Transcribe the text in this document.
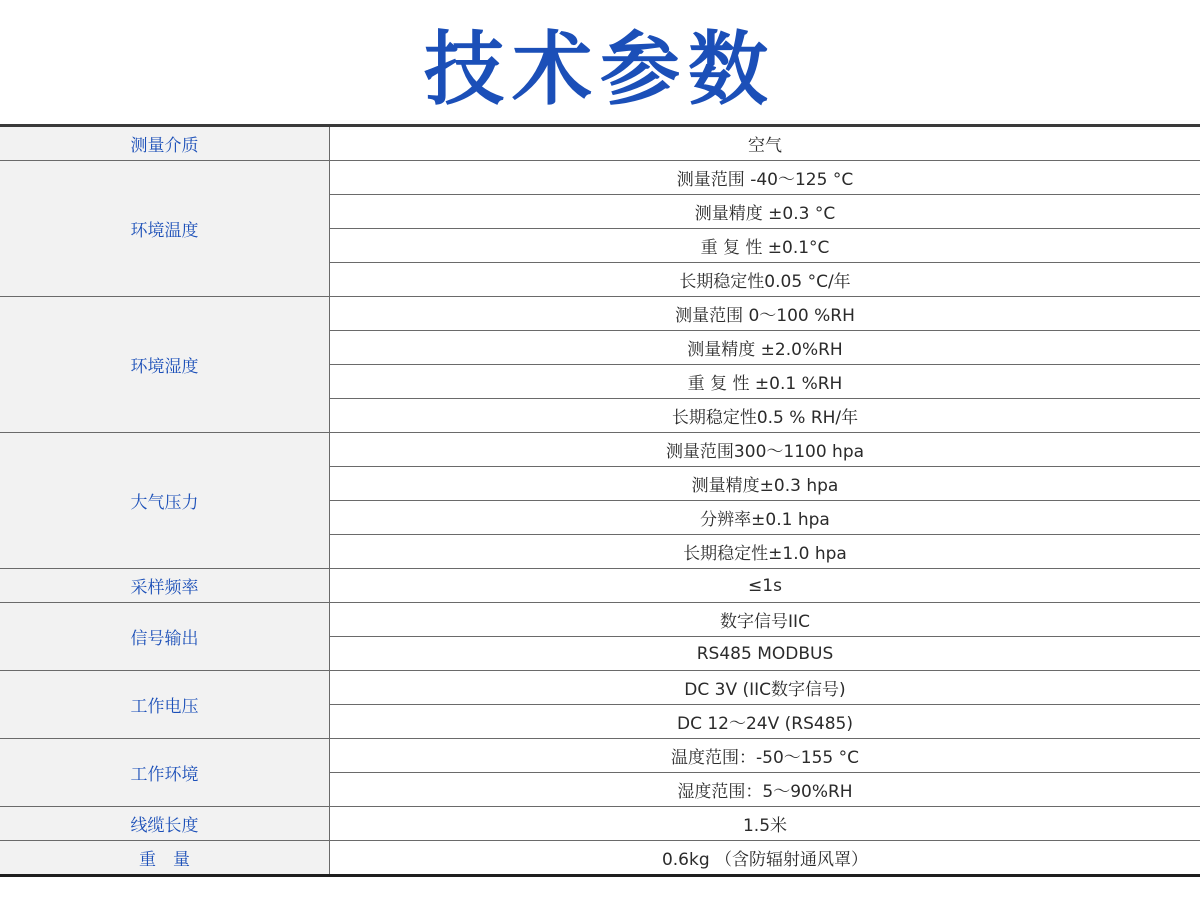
技术参数
测量介质	空气
环境温度	测量范围 -40～125 °C
	测量精度 ±0.3 °C
	重 复 性 ±0.1°C
	长期稳定性0.05 °C/年
环境湿度	测量范围 0～100 %RH
	测量精度 ±2.0%RH
	重 复 性 ±0.1 %RH
	长期稳定性0.5 % RH/年
大气压力	测量范围300～1100 hpa
	测量精度±0.3 hpa
	分辨率±0.1 hpa
	长期稳定性±1.0 hpa
采样频率	≤1s
信号输出	数字信号IIC
	RS485 MODBUS
工作电压	DC 3V (IIC数字信号)
	DC 12～24V (RS485)
工作环境	温度范围：-50～155 °C
	湿度范围：5～90%RH
线缆长度	1.5米
重　量	0.6kg （含防辐射通风罩）
